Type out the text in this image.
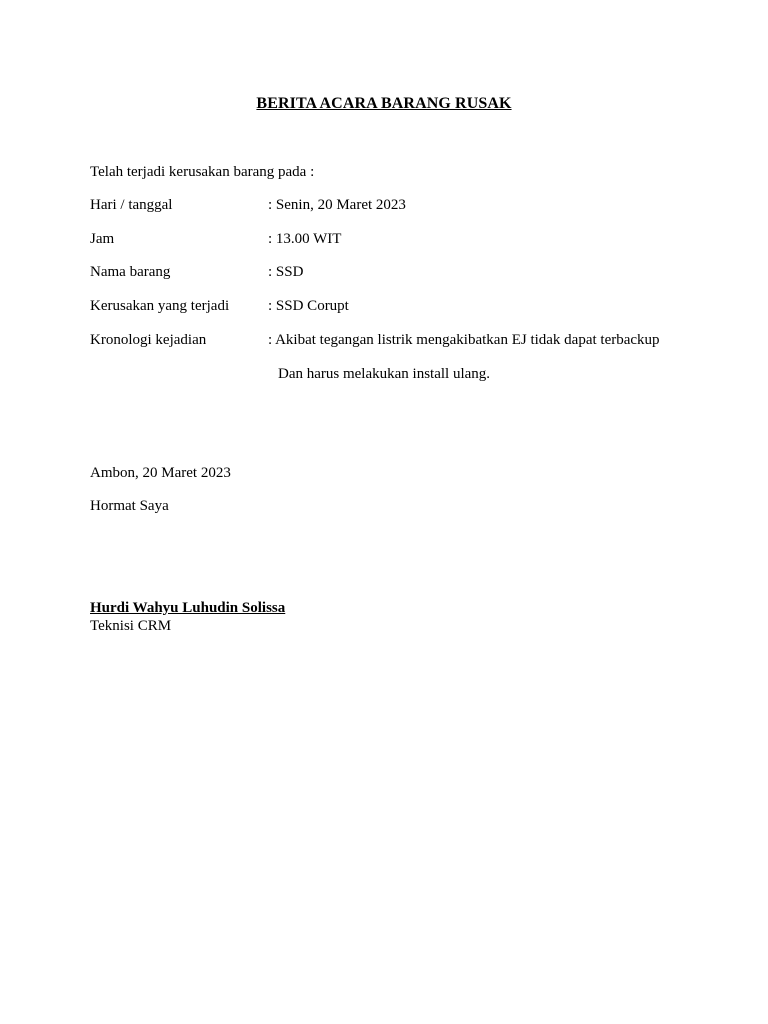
BERITA ACARA BARANG RUSAK
Telah terjadi kerusakan barang pada :
Hari / tanggal	: Senin, 20 Maret 2023
Jam	: 13.00 WIT
Nama barang	: SSD
Kerusakan yang terjadi	: SSD Corupt
Kronologi kejadian	: Akibat tegangan listrik mengakibatkan EJ tidak dapat terbackup
Dan harus melakukan install ulang.
Ambon, 20 Maret 2023
Hormat Saya
Hurdi Wahyu Luhudin Solissa
Teknisi CRM
